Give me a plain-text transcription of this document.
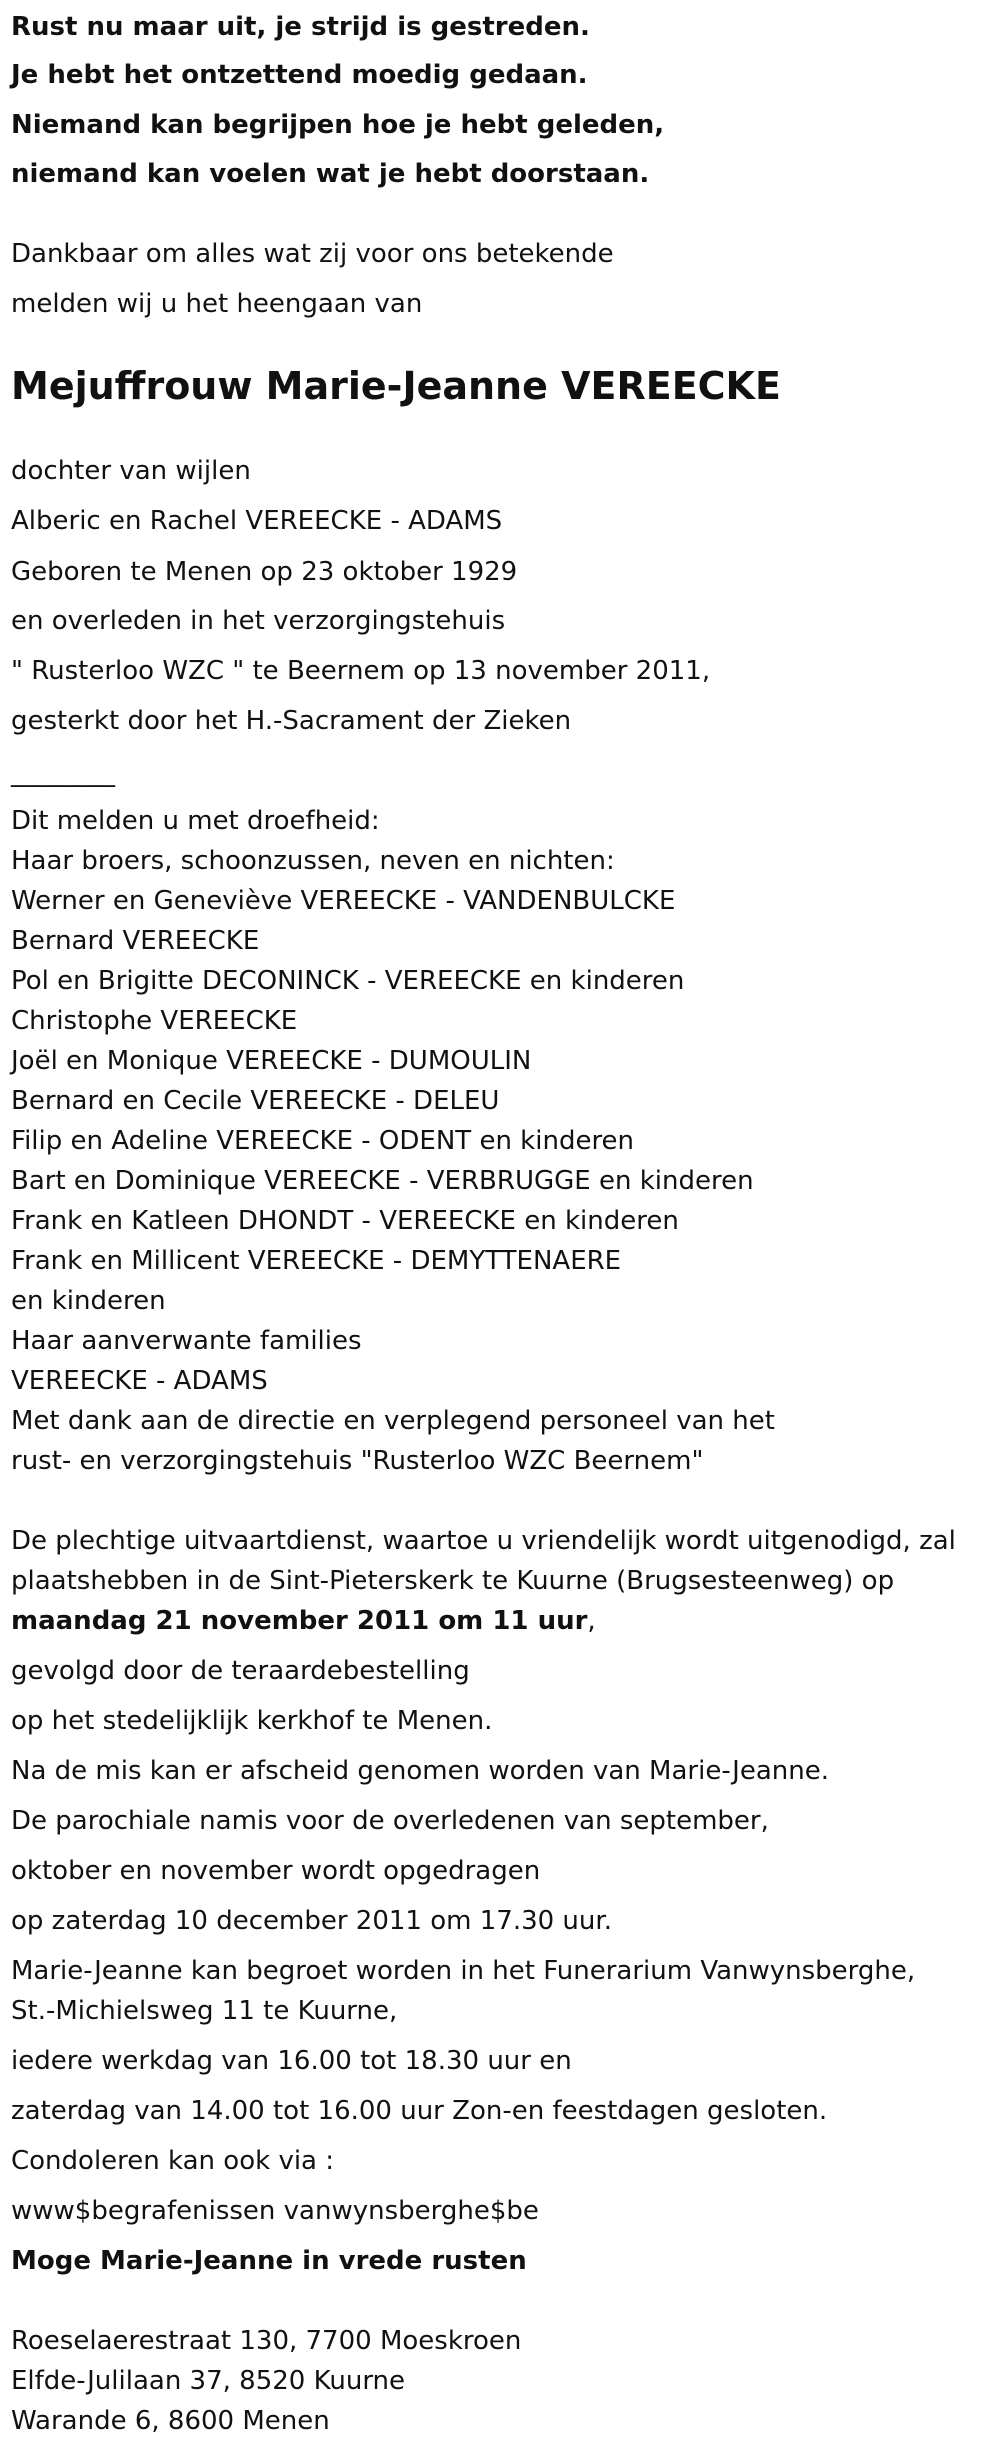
Rust nu maar uit, je strijd is gestreden.
Je hebt het ontzettend moedig gedaan.
Niemand kan begrijpen hoe je hebt geleden,
niemand kan voelen wat je hebt doorstaan.
Dankbaar om alles wat zij voor ons betekende
melden wij u het heengaan van
Mejuffrouw Marie-Jeanne VEREECKE
dochter van wijlen
Alberic en Rachel VEREECKE - ADAMS
Geboren te Menen op 23 oktober 1929
en overleden in het verzorgingstehuis
" Rusterloo WZC " te Beernem op 13 november 2011,
gesterkt door het H.-Sacrament der Zieken
________
Dit melden u met droefheid:
Haar broers, schoonzussen, neven en nichten:
Werner en Geneviève VEREECKE - VANDENBULCKE
Bernard VEREECKE
Pol en Brigitte DECONINCK - VEREECKE en kinderen
Christophe VEREECKE
Joël en Monique VEREECKE - DUMOULIN
Bernard en Cecile VEREECKE - DELEU
Filip en Adeline VEREECKE - ODENT en kinderen
Bart en Dominique VEREECKE - VERBRUGGE en kinderen
Frank en Katleen DHONDT - VEREECKE en kinderen
Frank en Millicent VEREECKE - DEMYTTENAERE
en kinderen
Haar aanverwante families
VEREECKE - ADAMS
Met dank aan de directie en verplegend personeel van het
rust- en verzorgingstehuis "Rusterloo WZC Beernem"
De plechtige uitvaartdienst, waartoe u vriendelijk wordt uitgenodigd, zal
plaatshebben in de Sint-Pieterskerk te Kuurne (Brugsesteenweg) op
maandag 21 november 2011 om 11 uur,
gevolgd door de teraardebestelling
op het stedelijklijk kerkhof te Menen.
Na de mis kan er afscheid genomen worden van Marie-Jeanne.
De parochiale namis voor de overledenen van september,
oktober en november wordt opgedragen
op zaterdag 10 december 2011 om 17.30 uur.
Marie-Jeanne kan begroet worden in het Funerarium Vanwynsberghe,
St.-Michielsweg 11 te Kuurne,
iedere werkdag van 16.00 tot 18.30 uur en
zaterdag van 14.00 tot 16.00 uur Zon-en feestdagen gesloten.
Condoleren kan ook via :
www$begrafenissen vanwynsberghe$be
Moge Marie-Jeanne in vrede rusten
Roeselaerestraat 130, 7700 Moeskroen
Elfde-Julilaan 37, 8520 Kuurne
Warande 6, 8600 Menen
